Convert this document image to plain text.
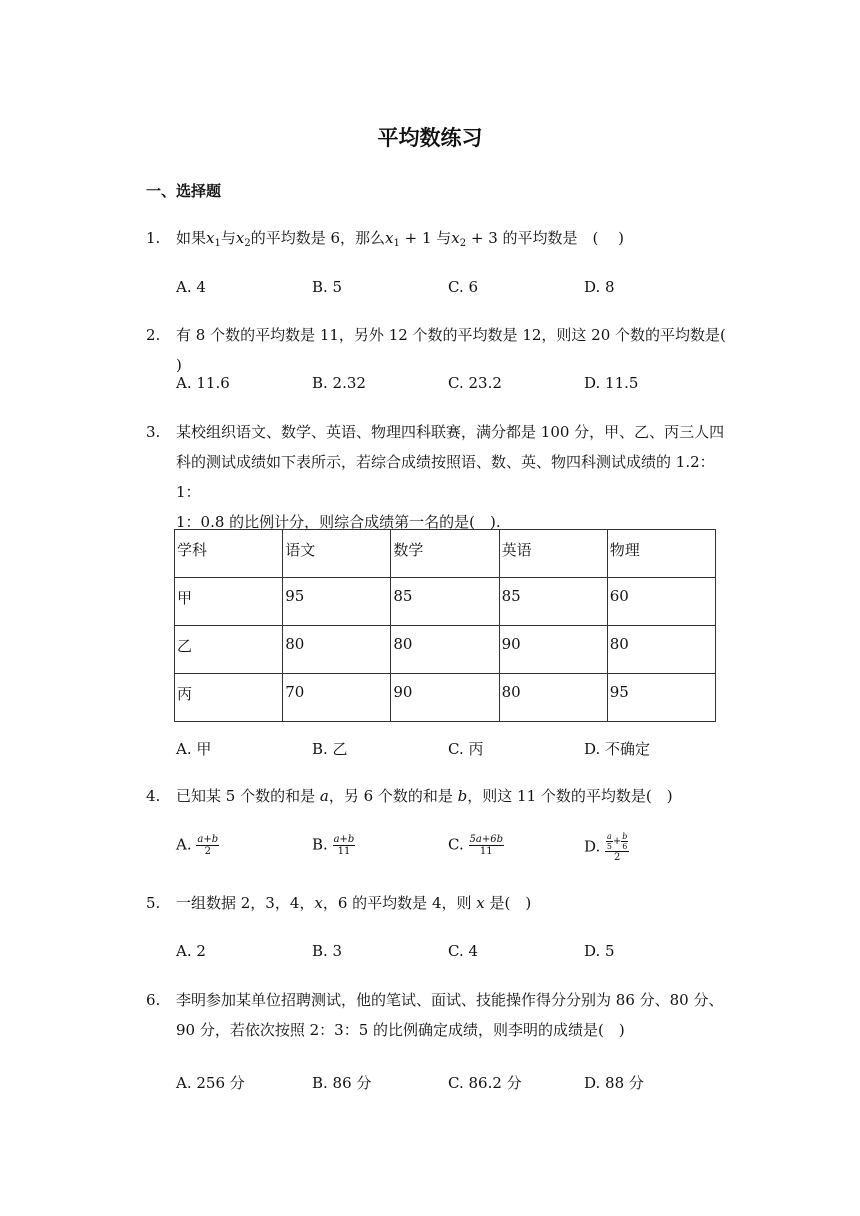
平均数练习
一、选择题
1. 如果$x_1$与$x_2$的平均数是 6，那么$x_1 + 1$ 与$x_2 + 3$ 的平均数是　(　 )
A. 4	B. 5	C. 6	D. 8
2. 有 8 个数的平均数是 11，另外 12 个数的平均数是 12，则这 20 个数的平均数是(　 )
A. 11.6	B. 2.32	C. 23.2	D. 11.5
3. 某校组织语文、数学、英语、物理四科联赛，满分都是 100 分，甲、乙、丙三人四
科的测试成绩如下表所示，若综合成绩按照语、数、英、物四科测试成绩的 1.2：1：
1：0.8 的比例计分，则综合成绩第一名的是(　).
学科	语文	数学	英语	物理
甲	95	85	85	60
乙	80	80	90	80
丙	70	90	80	95
A. 甲	B. 乙	C. 丙	D. 不确定
4. 已知某 5 个数的和是 a，另 6 个数的和是 b，则这 11 个数的平均数是(　)
A. $\frac{a+b}{2}$	B. $\frac{a+b}{11}$	C. $\frac{5a+6b}{11}$	D. $\frac{\frac{a}{5} + \frac{b}{6}}{2}$
5. 一组数据 2，3，4，x，6 的平均数是 4，则 x 是(　)
A. 2	B. 3	C. 4	D. 5
6. 李明参加某单位招聘测试，他的笔试、面试、技能操作得分分别为 86 分、80 分、
90 分，若依次按照 2：3：5 的比例确定成绩，则李明的成绩是(　)
A. 256 分	B. 86 分	C. 86.2 分	D. 88 分
